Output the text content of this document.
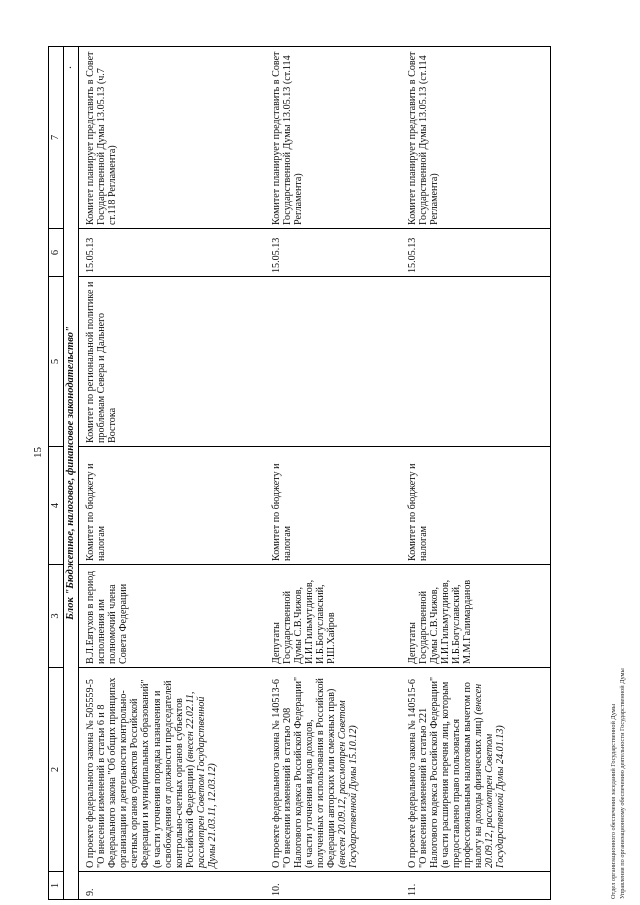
15
.
1	2	3	4	5	6	7
Блок "Бюджетное, налоговое, финансовое законодательство"						
9.	О проекте федерального закона № 505559-5 "О внесении изменений в статьи 6 и 8 Федерального закона "Об общих принципах организации и деятельности контрольно-счетных органов субъектов Российской Федерации и муниципальных образований" (в части уточнения порядка назначения и освобождения от должности председателей контрольно-счетных органов субъектов Российской Федерации) (внесен 22.02.11, рассмотрен Советом Государственной Думы 21.03.11, 12.03.12)	В.Л.Евтухов в период исполнения им полномочий члена Совета Федерации	Комитет по бюджету и налогам	Комитет по региональной политике и проблемам Севера и Дальнего Востока	15.05.13	Комитет планирует представить в Совет Государственной Думы 13.05.13 (ч.7 ст.118 Регламента)
10.	О проекте федерального закона № 140513-6 "О внесении изменений в статью 208 Налогового кодекса Российской Федерации" (в части уточнения видов доходов, полученных от использования в Российской Федерации авторских или смежных прав) (внесен 20.09.12, рассмотрен Советом Государственной Думы 15.10.12)	Депутаты Государственной Думы С.В.Чижов, И.И.Гильмутдинов, И.Б.Богуславский, Р.Ш.Хайров	Комитет по бюджету и налогам		15.05.13	Комитет планирует представить в Совет Государственной Думы 13.05.13 (ст.114 Регламента)
11.	О проекте федерального закона № 140515-6 "О внесении изменений в статью 221 Налогового кодекса Российской Федерации" (в части расширения перечня лиц, которым предоставлено право пользоваться профессиональным налоговым вычетом по налогу на доходы физических лиц) (внесен 20.09.12, рассмотрен Советом Государственной Думы 24.01.13)	Депутаты Государственной Думы С.В.Чижов, И.И.Гильмутдинов, И.Б.Богуславский, М.М.Галимарданов	Комитет по бюджету и налогам		15.05.13	Комитет планирует представить в Совет Государственной Думы 13.05.13 (ст.114 Регламента)
Отдел организационного обеспечения заседаний Государственной Думы Управления по организационному обеспечению деятельности Государственной Думы
